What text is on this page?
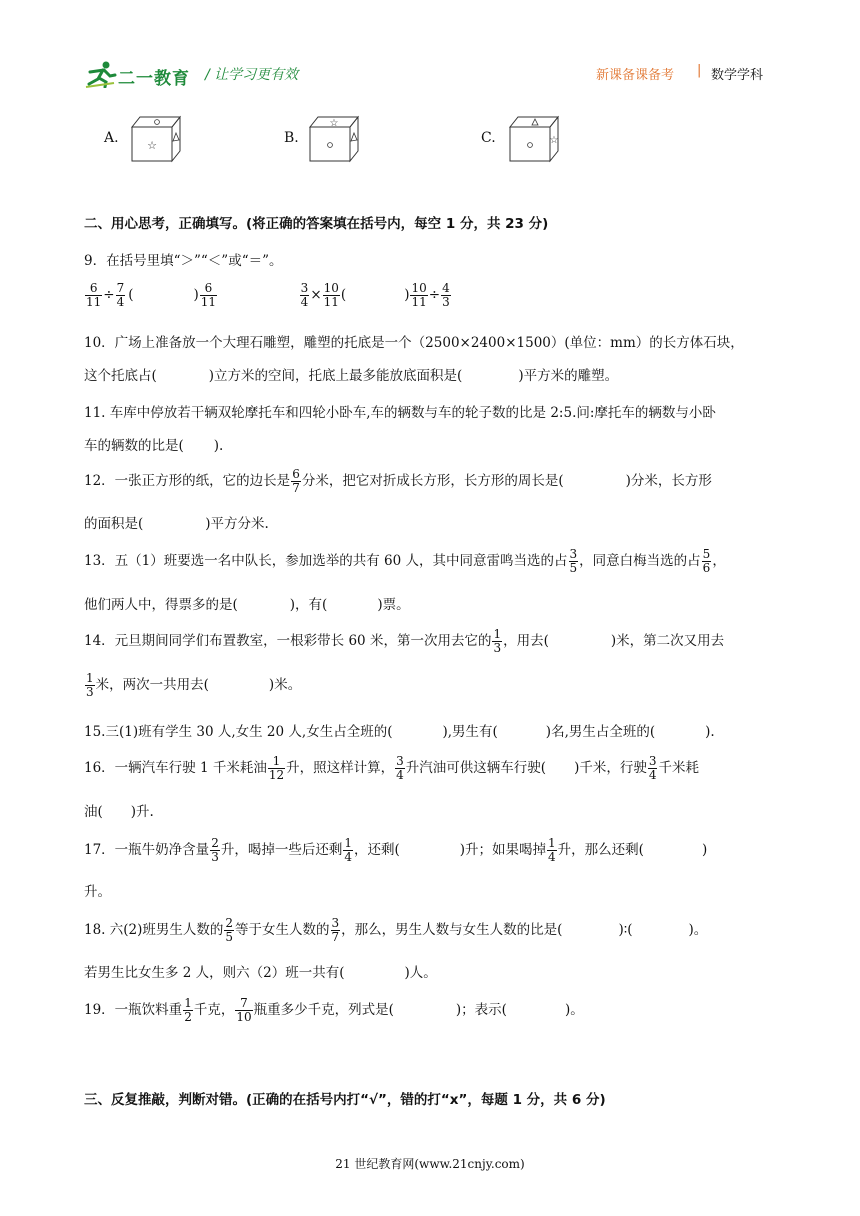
二一教育 / 让学习更有效	新课备课备考 | 数学学科
A.	☆	B.
☆
C.	☆
二、用心思考，正确填写。(将正确的答案填在括号内，每空 1 分，共 23 分)
9．在括号里填“＞”“＜”或“＝”。
$\frac{6}{11} \div \frac{7}{4}$ (	) $\frac{6}{11}$
	$\frac{3}{4} \times \frac{10}{11}$ (	) $\frac{10}{11} \div \frac{4}{3}$
10．广场上准备放一个大理石雕塑，雕塑的托底是一个（2500×2400×1500）(单位：mm）的长方体石块，
这个托底占(	)立方米的空间，托底上最多能放底面积是(	)平方米的雕塑。
11. 车库中停放若干辆双轮摩托车和四轮小卧车,车的辆数与车的轮子数的比是 2:5.问:摩托车的辆数与小卧
车的辆数的比是( ).
12．一张正方形的纸，它的边长是 $\frac{6}{7}$ 分米，把它对折成长方形，长方形的周长是(	)分米，长方形
的面积是(	)平方分米.
13．五（1）班要选一名中队长，参加选举的共有 60 人，其中同意雷鸣当选的占 $\frac{3}{5}$ ，同意白梅当选的占 $\frac{5}{6}$ ，
他们两人中，得票多的是(	)，有(	)票。
14．元旦期间同学们布置教室，一根彩带长 60 米，第一次用去它的 $\frac{1}{3}$ ，用去(	)米，第二次又用去
$\frac{1}{3}$ 米，两次一共用去(	)米。
15.三(1)班有学生 30 人,女生 20 人,女生占全班的(	),男生有(	)名,男生占全班的(	).
16．一辆汽车行驶 1 千米耗油 $\frac{1}{12}$ 升，照这样计算， $\frac{3}{4}$ 升汽油可供这辆车行驶( )千米，行驶 $\frac{3}{4}$ 千米耗
油( )升.
17．一瓶牛奶净含量 $\frac{2}{3}$ 升，喝掉一些后还剩 $\frac{1}{4}$ ，还剩(	)升；如果喝掉 $\frac{1}{4}$ 升，那么还剩(	)
升。
18. 六(2)班男生人数的 $\frac{2}{5}$ 等于女生人数的 $\frac{3}{7}$ ，那么，男生人数与女生人数的比是(	)∶(	)。
若男生比女生多 2 人，则六（2）班一共有(	)人。
19．一瓶饮料重 $\frac{1}{2}$ 千克， $\frac{7}{10}$ 瓶重多少千克，列式是(	)；表示(	)。
三、反复推敲，判断对错。(正确的在括号内打“√”，错的打“x”，每题 1 分，共 6 分)
21 世纪教育网(www.21cnjy.com)
